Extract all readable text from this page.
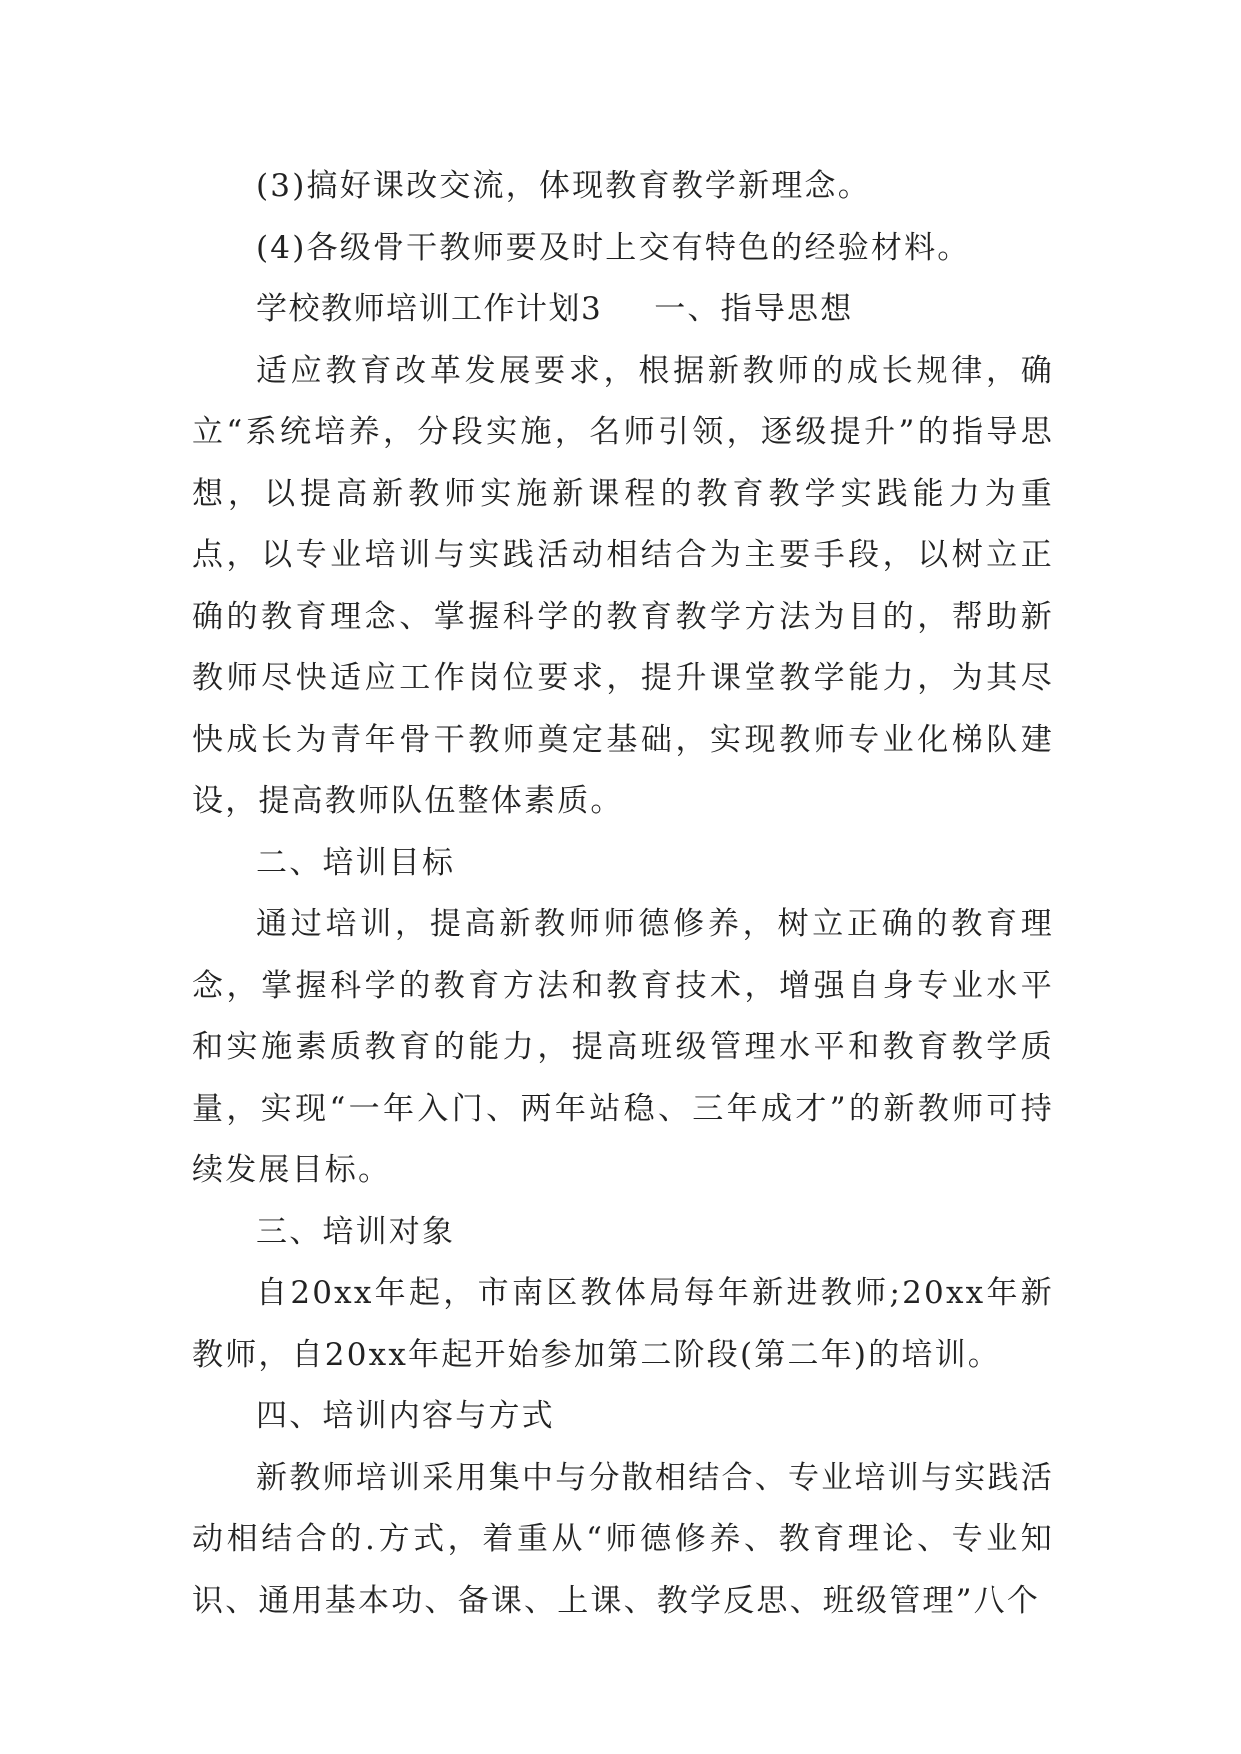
(3)搞好课改交流，体现教育教学新理念。

(4)各级骨干教师要及时上交有特色的经验材料。

学校教师培训工作计划3 一、指导思想

适应教育改革发展要求，根据新教师的成长规律，确立“系统培养，分段实施，名师引领，逐级提升”的指导思想，以提高新教师实施新课程的教育教学实践能力为重点，以专业培训与实践活动相结合为主要手段，以树立正确的教育理念、掌握科学的教育教学方法为目的，帮助新教师尽快适应工作岗位要求，提升课堂教学能力，为其尽快成长为青年骨干教师奠定基础，实现教师专业化梯队建设，提高教师队伍整体素质。

二、培训目标

通过培训，提高新教师师德修养，树立正确的教育理念，掌握科学的教育方法和教育技术，增强自身专业水平和实施素质教育的能力，提高班级管理水平和教育教学质量，实现“一年入门、两年站稳、三年成才”的新教师可持续发展目标。

三、培训对象

自20xx年起，市南区教体局每年新进教师;20xx年新教师，自20xx年起开始参加第二阶段(第二年)的培训。

四、培训内容与方式

新教师培训采用集中与分散相结合、专业培训与实践活动相结合的.方式，着重从“师德修养、教育理论、专业知识、通用基本功、备课、上课、教学反思、班级管理”八个
